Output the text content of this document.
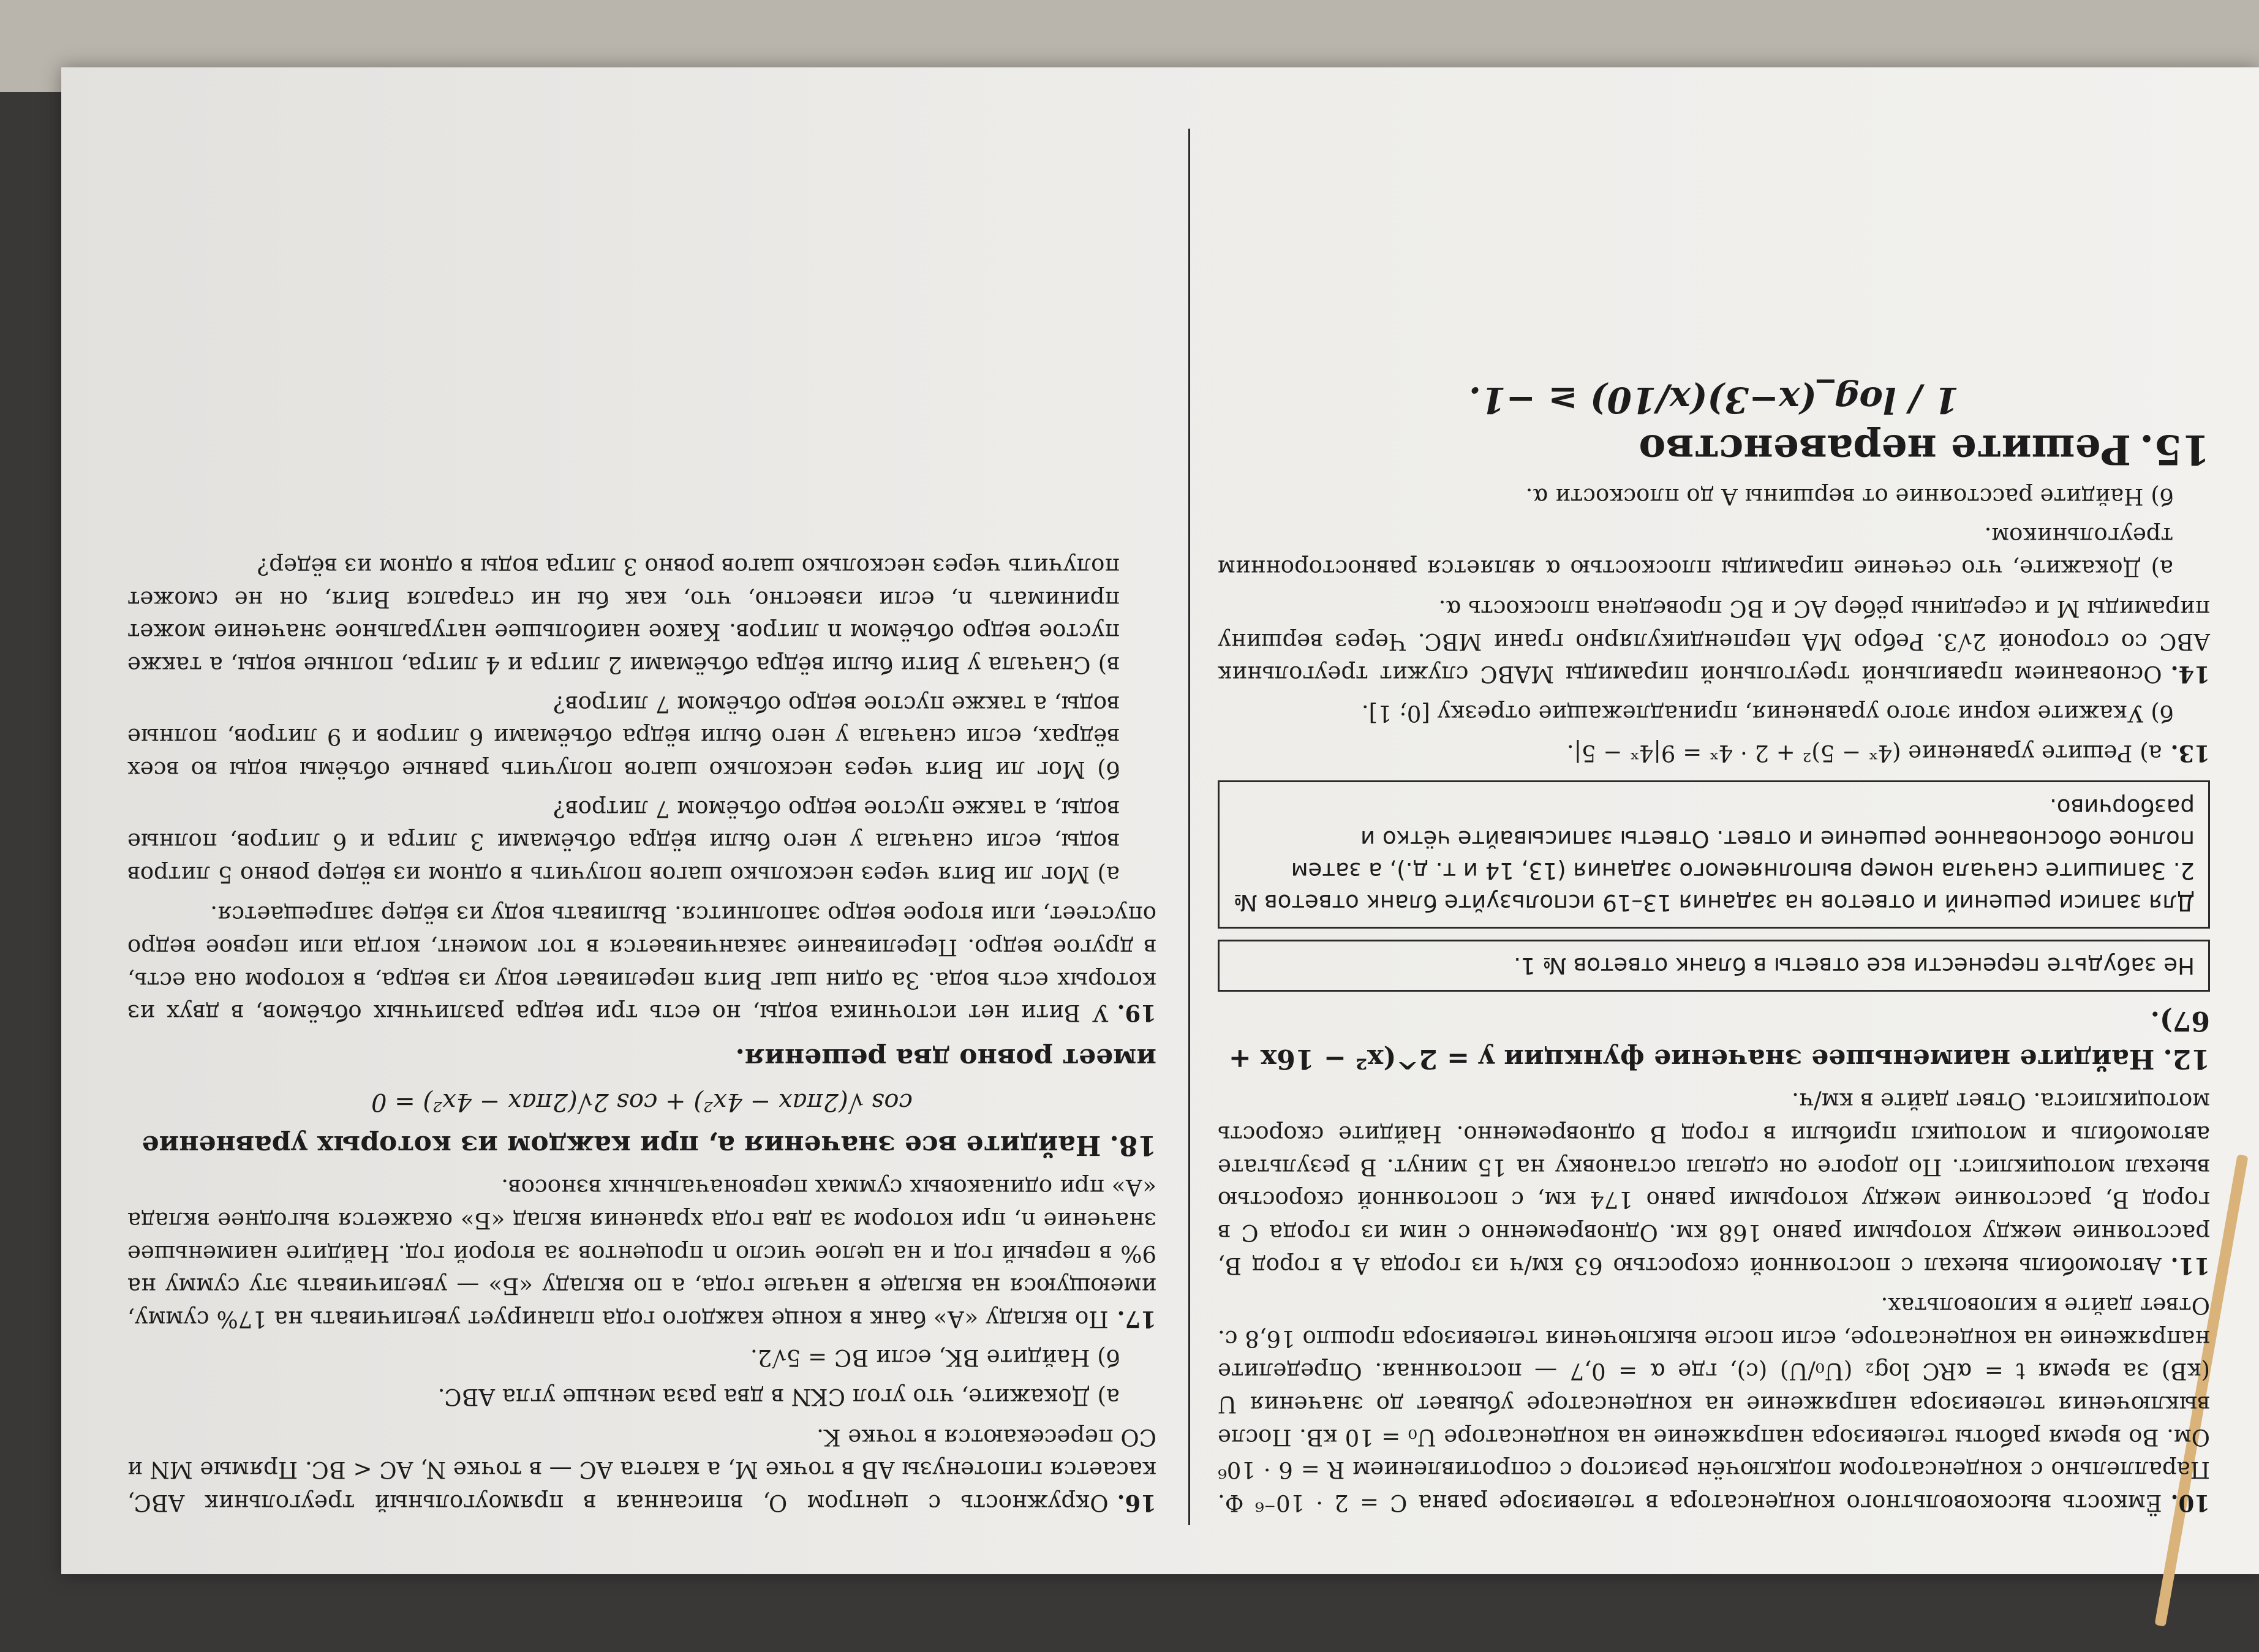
10.Ёмкость высоковольтного конденсатора в телевизоре равна C = 2 · 10⁻⁶ Ф. Параллельно с конденсатором подключён резистор с сопротивлением R = 6 · 10⁶ Ом. Во время работы телевизора напряжение на конденсаторе U₀ = 10 кВ. После выключения телевизора напряжение на конденсаторе убывает до значения U (кВ) за время t = αRC log₂ (U₀/U) (с), где α = 0,7 — постоянная. Определите напряжение на конденсаторе, если после выключения телевизора прошло 16,8 с. Ответ дайте в киловольтах.
11.Автомобиль выехал с постоянной скоростью 63 км/ч из города A в город B, расстояние между которыми равно 168 км. Одновременно с ним из города C в город B, расстояние между которыми равно 174 км, с постоянной скоростью выехал мотоциклист. По дороге он сделал остановку на 15 минут. В результате автомобиль и мотоцикл прибыли в город B одновременно. Найдите скорость мотоциклиста. Ответ дайте в км/ч.
12.Найдите наименьшее значение функции y = 2^(x² − 16x + 67).
Не забудьте перенести все ответы в бланк ответов № 1.
Для записи решений и ответов на задания 13–19 используйте бланк ответов № 2. Запишите сначала номер выполняемого задания (13, 14 и т. д.), а затем полное обоснованное решение и ответ. Ответы записывайте чётко и разборчиво.
13.а) Решите уравнение (4ˣ − 5)² + 2 · 4ˣ = 9|4ˣ − 5|.
б) Укажите корни этого уравнения, принадлежащие отрезку [0; 1].
14.Основанием правильной треугольной пирамиды MABC служит треугольник ABC со стороной 2√3. Ребро MA перпендикулярно грани MBC. Через вершину пирамиды M и середины рёбер AC и BC проведена плоскость α.
а) Докажите, что сечение пирамиды плоскостью α является равносторонним треугольником.
б) Найдите расстояние от вершины A до плоскости α.
15.Решите неравенство
1 / log_(x−3)(x/10) ≥ −1.
16.Окружность с центром O, вписанная в прямоугольный треугольник ABC, касается гипотенузы AB в точке M, а катета AC — в точке N, AC < BC. Прямые MN и CO пересекаются в точке K.
а) Докажите, что угол CKN в два раза меньше угла ABC.
б) Найдите BK, если BC = 5√2.
17.По вкладу «А» банк в конце каждого года планирует увеличивать на 17% сумму, имеющуюся на вкладе в начале года, а по вкладу «Б» — увеличивать эту сумму на 9% в первый год и на целое число n процентов за второй год. Найдите наименьшее значение n, при котором за два года хранения вклад «Б» окажется выгоднее вклада «А» при одинаковых суммах первоначальных взносов.
18.Найдите все значения a, при каждом из которых уравнение
cos √(2πax − 4x²) + cos 2√(2πax − 4x²) = 0
имеет ровно два решения.
19.У Вити нет источника воды, но есть три ведра различных объёмов, в двух из которых есть вода. За один шаг Витя переливает воду из ведра, в котором она есть, в другое ведро. Переливание заканчивается в тот момент, когда или первое ведро опустеет, или второе ведро заполнится. Выливать воду из вёдер запрещается.
а) Мог ли Витя через несколько шагов получить в одном из вёдер ровно 5 литров воды, если сначала у него были вёдра объёмами 3 литра и 6 литров, полные воды, а также пустое ведро объёмом 7 литров?
б) Мог ли Витя через несколько шагов получить равные объёмы воды во всех вёдрах, если сначала у него были вёдра объёмами 6 литров и 9 литров, полные воды, а также пустое ведро объёмом 7 литров?
в) Сначала у Вити были вёдра объёмами 2 литра и 4 литра, полные воды, а также пустое ведро объёмом n литров. Какое наибольшее натуральное значение может принимать n, если известно, что, как бы ни старался Витя, он не сможет получить через несколько шагов ровно 3 литра воды в одном из вёдер?
